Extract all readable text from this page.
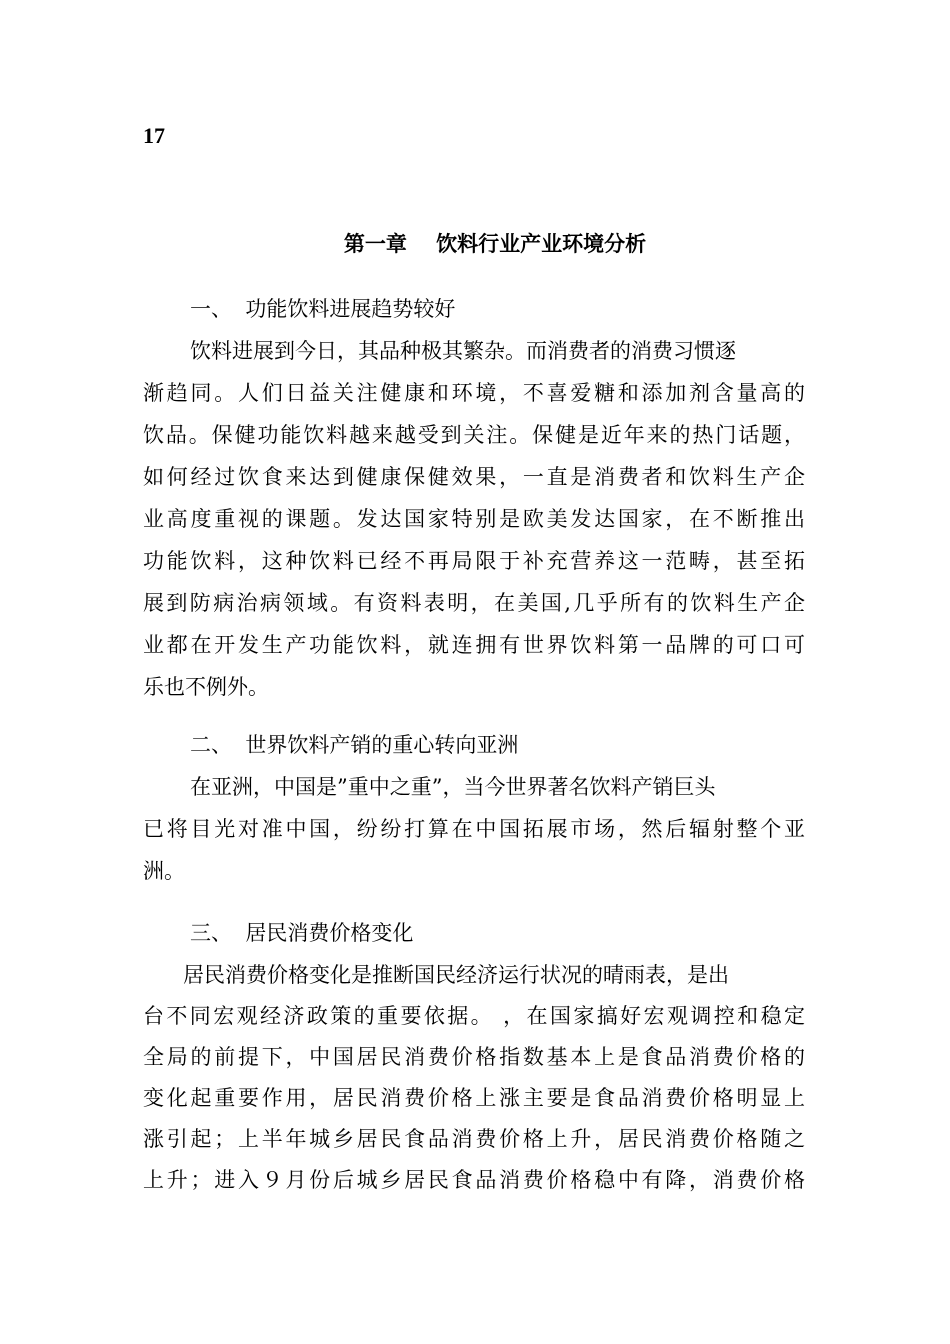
17
第一章    饮料行业产业环境分析
一、  功能饮料进展趋势较好
饮料进展到今日，其品种极其繁杂。而消费者的消费习惯逐
渐趋同。人们日益关注健康和环境，不喜爱糖和添加剂含量高的
饮品。保健功能饮料越来越受到关注。保健是近年来的热门话题，
如何经过饮食来达到健康保健效果，一直是消费者和饮料生产企
业高度重视的课题。发达国家特别是欧美发达国家，在不断推出
功能饮料，这种饮料已经不再局限于补充营养这一范畴，甚至拓
展到防病治病领域。有资料表明，在美国,几乎所有的饮料生产企
业都在开发生产功能饮料，就连拥有世界饮料第一品牌的可口可
乐也不例外。
二、  世界饮料产销的重心转向亚洲
在亚洲，中国是”重中之重”，当今世界著名饮料产销巨头
已将目光对准中国，纷纷打算在中国拓展市场，然后辐射整个亚
洲。
三、  居民消费价格变化
居民消费价格变化是推断国民经济运行状况的晴雨表，是出
台不同宏观经济政策的重要依据。 ，在国家搞好宏观调控和稳定
全局的前提下，中国居民消费价格指数基本上是食品消费价格的
变化起重要作用，居民消费价格上涨主要是食品消费价格明显上
涨引起；上半年城乡居民食品消费价格上升，居民消费价格随之
上升；进入９月份后城乡居民食品消费价格稳中有降，消费价格
